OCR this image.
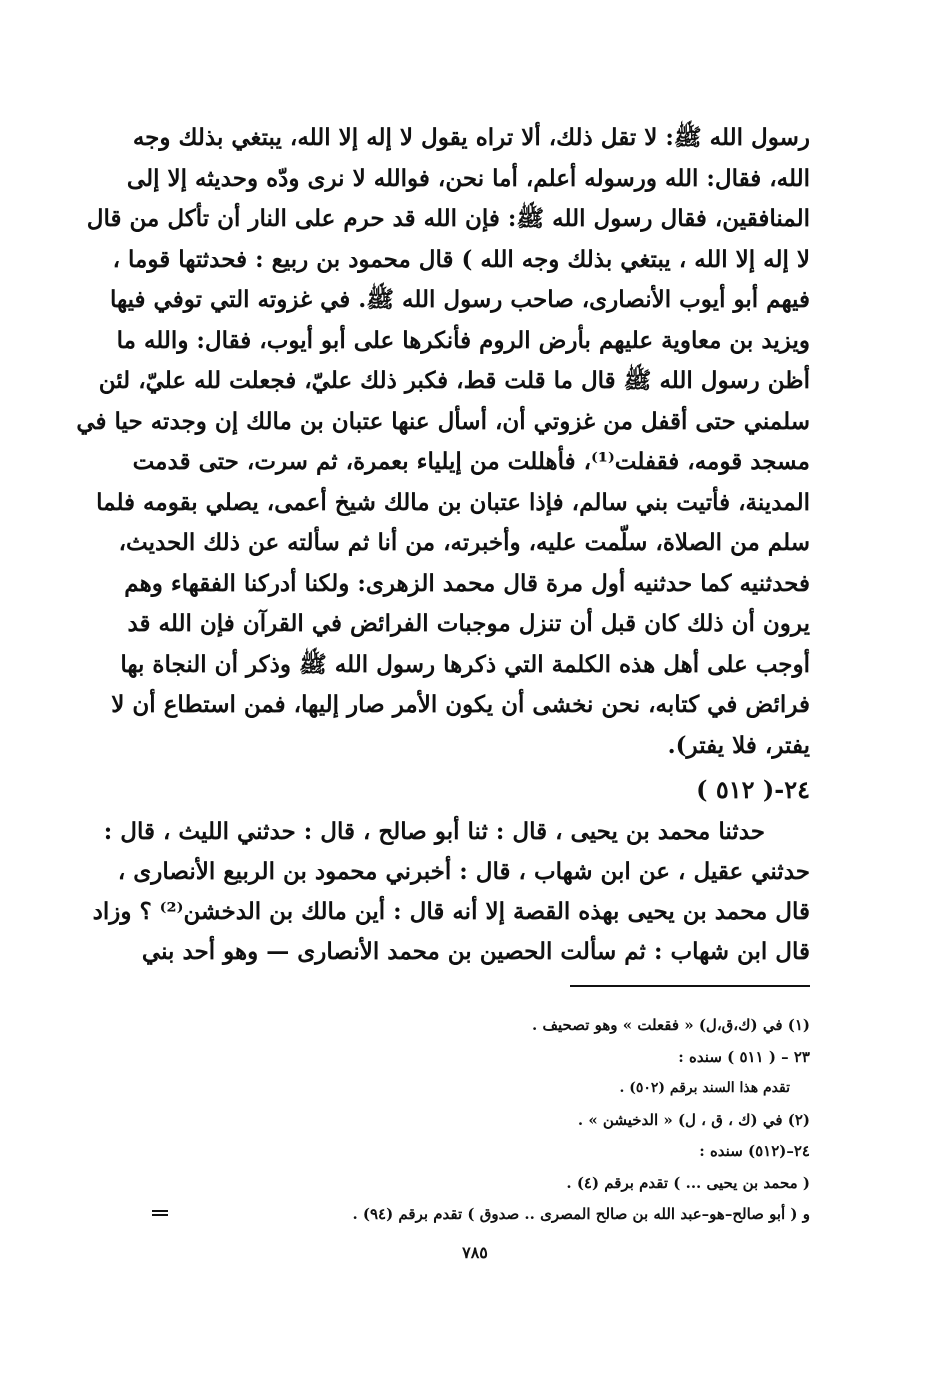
رسول الله ﷺ: لا تقل ذلك، ألا تراه يقول لا إله إلا الله، يبتغي بذلك وجه
الله، فقال: الله ورسوله أعلم، أما نحن، فوالله لا نرى ودّه وحديثه إلا إلى
المنافقين، فقال رسول الله ﷺ: فإن الله قد حرم على النار أن تأكل من قال
لا إله إلا الله ، يبتغي بذلك وجه الله ) قال محمود بن ربيع : فحدثتها قوما ،
فيهم أبو أيوب الأنصارى، صاحب رسول الله ﷺ. في غزوته التي توفي فيها
ويزيد بن معاوية عليهم بأرض الروم فأنكرها على أبو أيوب، فقال: والله ما
أظن رسول الله ﷺ قال ما قلت قط، فكبر ذلك عليّ، فجعلت لله عليّ، لئن
سلمني حتى أقفل من غزوتي أن، أسأل عنها عتبان بن مالك إن وجدته حيا في
مسجد قومه، فقفلت⁽¹⁾، فأهللت من إيلياء بعمرة، ثم سرت، حتى قدمت
المدينة، فأتيت بني سالم، فإذا عتبان بن مالك شيخ أعمى، يصلي بقومه فلما
سلم من الصلاة، سلّمت عليه، وأخبرته، من أنا ثم سألته عن ذلك الحديث،
فحدثنيه كما حدثنيه أول مرة قال محمد الزهرى: ولكنا أدركنا الفقهاء وهم
يرون أن ذلك كان قبل أن تنزل موجبات الفرائض في القرآن فإن الله قد
أوجب على أهل هذه الكلمة التي ذكرها رسول الله ﷺ وذكر أن النجاة بها
فرائض في كتابه، نحن نخشى أن يكون الأمر صار إليها، فمن استطاع أن لا
يفتر، فلا يفتر).
٢٤-( ٥١٢ )
حدثنا محمد بن يحيى ، قال : ثنا أبو صالح ، قال : حدثني الليث ، قال :
حدثني عقيل ، عن ابن شهاب ، قال : أخبرني محمود بن الربيع الأنصارى ،
قال محمد بن يحيى بهذه القصة إلا أنه قال : أين مالك بن الدخشن⁽²⁾ ؟ وزاد
قال ابن شهاب : ثم سألت الحصين بن محمد الأنصارى — وهو أحد بني
(١) في (ك،ق،ل) « فقعلت » وهو تصحيف .
٢٣ – ( ٥١١ ) سنده :
تقدم هذا السند برقم (٥٠٢) .
(٢) في (ك ، ق ، ل) « الدخيشن » .
٢٤–(٥١٢) سنده :
( محمد بن يحيى ... ) تقدم برقم (٤) .
و ( أبو صالح–هو–عبد الله بن صالح المصرى .. صدوق ) تقدم برقم (٩٤) .
٧٨٥
